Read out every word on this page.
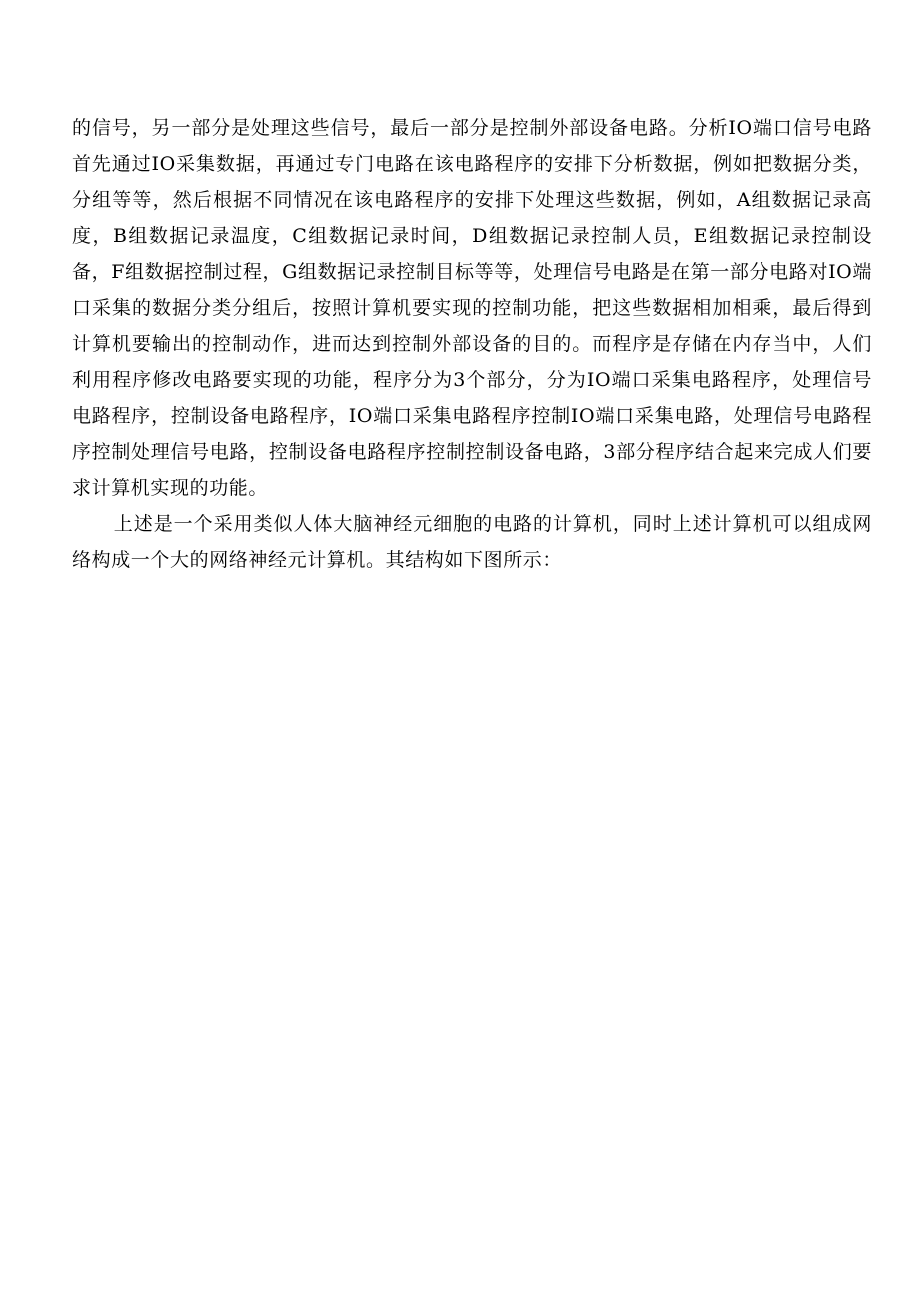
的信号，另一部分是处理这些信号，最后一部分是控制外部设备电路。分析IO端口信号电路首先通过IO采集数据，再通过专门电路在该电路程序的安排下分析数据，例如把数据分类，分组等等，然后根据不同情况在该电路程序的安排下处理这些数据，例如，A组数据记录高度，B组数据记录温度，C组数据记录时间，D组数据记录控制人员，E组数据记录控制设备，F组数据控制过程，G组数据记录控制目标等等，处理信号电路是在第一部分电路对IO端口采集的数据分类分组后，按照计算机要实现的控制功能，把这些数据相加相乘，最后得到计算机要输出的控制动作，进而达到控制外部设备的目的。而程序是存储在内存当中，人们利用程序修改电路要实现的功能，程序分为3个部分，分为IO端口采集电路程序，处理信号电路程序，控制设备电路程序，IO端口采集电路程序控制IO端口采集电路，处理信号电路程序控制处理信号电路，控制设备电路程序控制控制设备电路，3部分程序结合起来完成人们要求计算机实现的功能。

上述是一个采用类似人体大脑神经元细胞的电路的计算机，同时上述计算机可以组成网络构成一个大的网络神经元计算机。其结构如下图所示：
